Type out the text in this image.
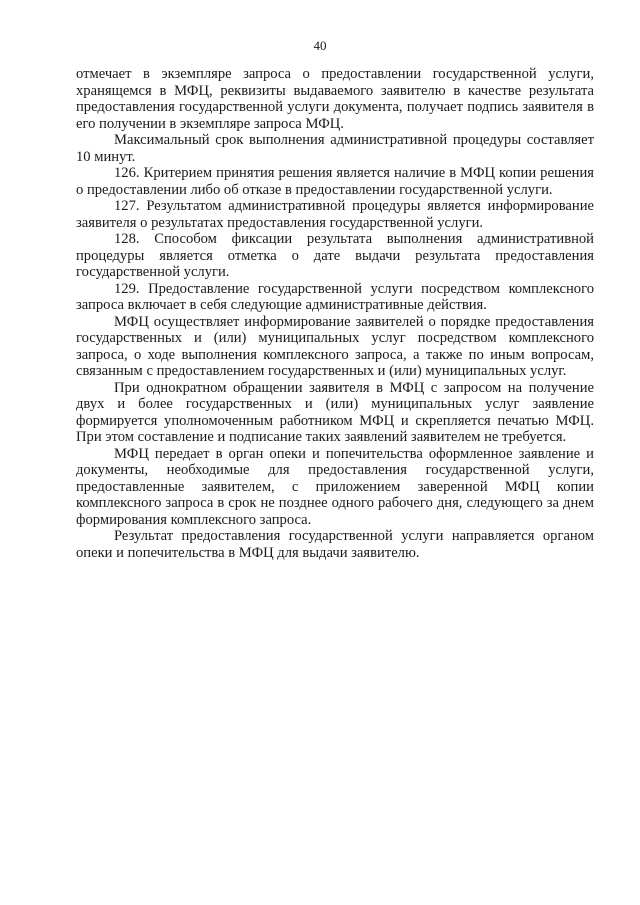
40

отмечает в экземпляре запроса о предоставлении государственной услуги, хранящемся в МФЦ, реквизиты выдаваемого заявителю в качестве результата предоставления государственной услуги документа, получает подпись заявителя в его получении в экземпляре запроса МФЦ.

Максимальный срок выполнения административной процедуры составляет 10 минут.

126. Критерием принятия решения является наличие в МФЦ копии решения о предоставлении либо об отказе в предоставлении государственной услуги.

127. Результатом административной процедуры является информирование заявителя о результатах предоставления государственной услуги.

128. Способом фиксации результата выполнения административной процедуры является отметка о дате выдачи результата предоставления государственной услуги.

129. Предоставление государственной услуги посредством комплексного запроса включает в себя следующие административные действия.

МФЦ осуществляет информирование заявителей о порядке предоставления государственных и (или) муниципальных услуг посредством комплексного запроса, о ходе выполнения комплексного запроса, а также по иным вопросам, связанным с предоставлением государственных и (или) муниципальных услуг.

При однократном обращении заявителя в МФЦ с запросом на получение двух и более государственных и (или) муниципальных услуг заявление формируется уполномоченным работником МФЦ и скрепляется печатью МФЦ. При этом составление и подписание таких заявлений заявителем не требуется.

МФЦ передает в орган опеки и попечительства оформленное заявление и документы, необходимые для предоставления государственной услуги, предоставленные заявителем, с приложением заверенной МФЦ копии комплексного запроса в срок не позднее одного рабочего дня, следующего за днем формирования комплексного запроса.

Результат предоставления государственной услуги направляется органом опеки и попечительства в МФЦ для выдачи заявителю.
